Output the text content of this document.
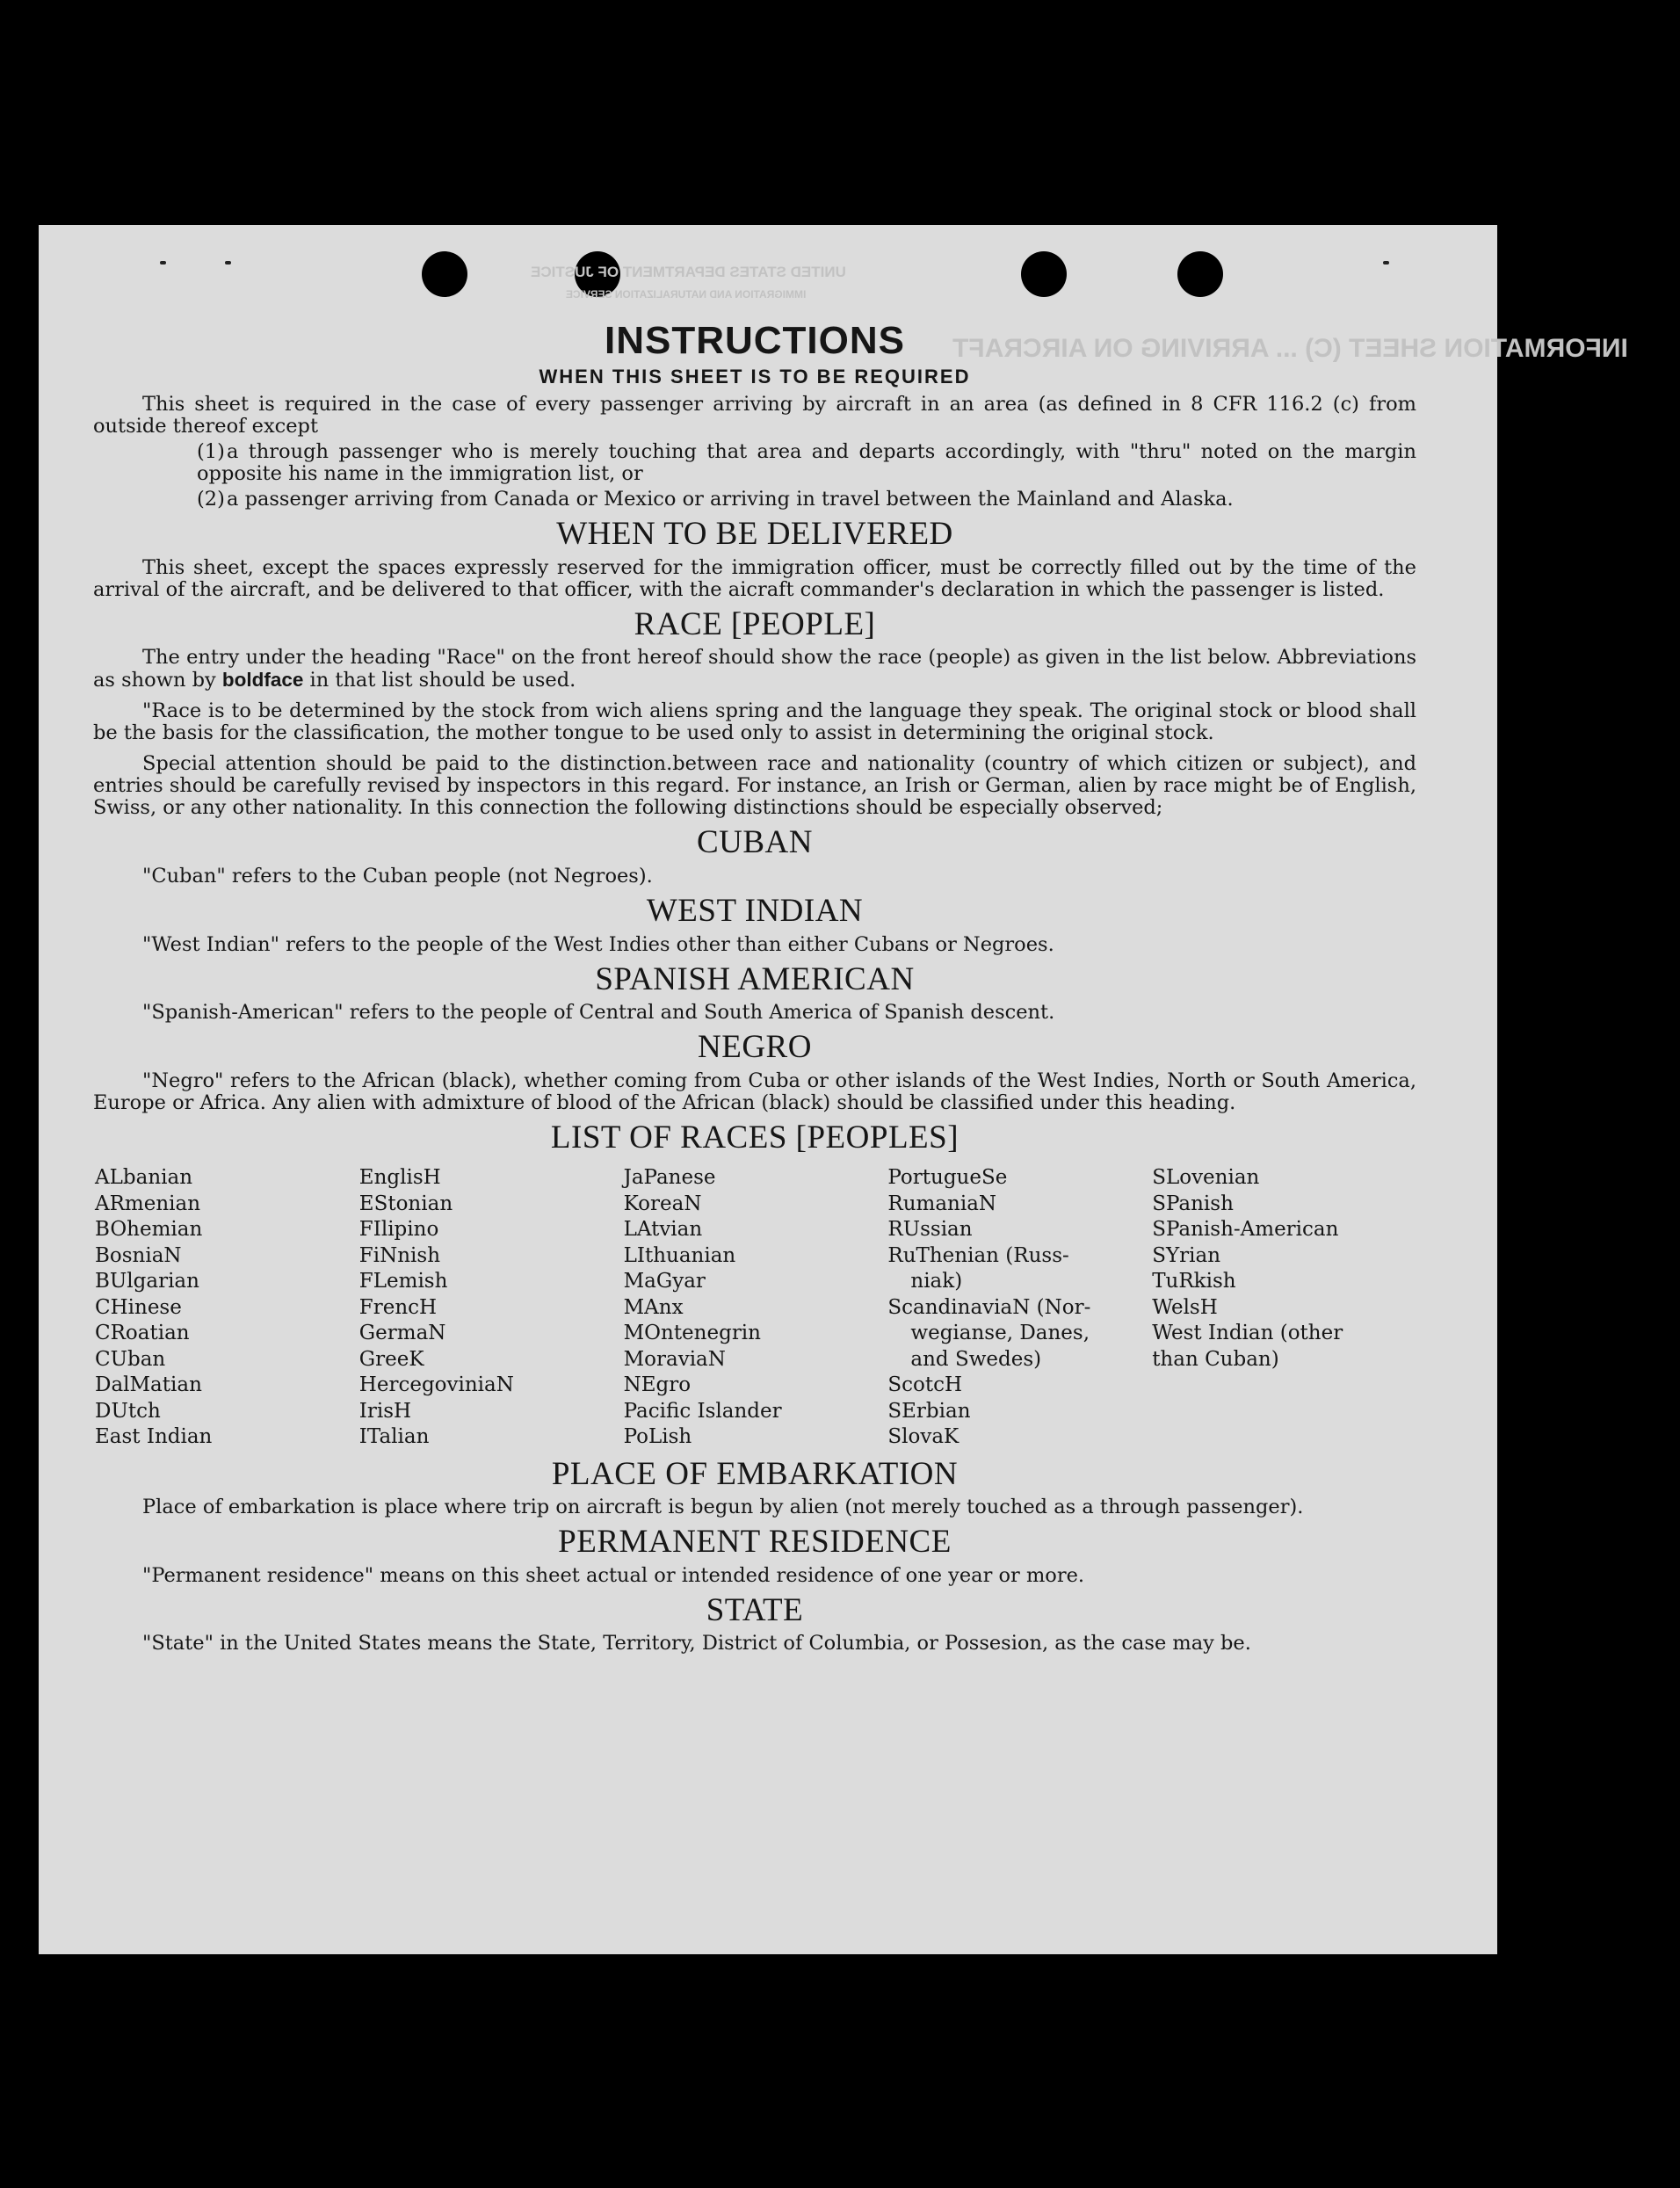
UNITED STATES DEPARTMENT OF JUSTICE
IMMIGRATION AND NATURALIZATION SERVICE
INFORMATION SHEET (C) ... ARRIVING ON AIRCRAFT
INSTRUCTIONS
WHEN THIS SHEET IS TO BE REQUIRED

This sheet is required in the case of every passenger arriving by aircraft in an area (as defined in 8 CFR 116.2 (c) from outside thereof except

(1)a through passenger who is merely touching that area and departs accordingly, with "thru" noted on the margin opposite his name in the immigration list, or

(2)a passenger arriving from Canada or Mexico or arriving in travel between the Mainland and Alaska.

WHEN TO BE DELIVERED

This sheet, except the spaces expressly reserved for the immigration officer, must be correctly filled out by the time of the arrival of the aircraft, and be delivered to that officer, with the aicraft commander's declaration in which the passenger is listed.

RACE [PEOPLE]

The entry under the heading "Race" on the front hereof should show the race (people) as given in the list below. Abbreviations as shown by boldface in that list should be used.

"Race is to be determined by the stock from wich aliens spring and the language they speak. The original stock or blood shall be the basis for the classification, the mother tongue to be used only to assist in determining the original stock.

Special attention should be paid to the distinction.between race and nationality (country of which citizen or subject), and entries should be carefully revised by inspectors in this regard. For instance, an Irish or German, alien by race might be of English, Swiss, or any other nationality. In this connection the following distinctions should be especially observed;

CUBAN

"Cuban" refers to the Cuban people (not Negroes).

WEST INDIAN

"West Indian" refers to the people of the West Indies other than either Cubans or Negroes.

SPANISH AMERICAN

"Spanish-American" refers to the people of Central and South America of Spanish descent.

NEGRO

"Negro" refers to the African (black), whether coming from Cuba or other islands of the West Indies, North or South America, Europe or Africa. Any alien with admixture of blood of the African (black) should be classified under this heading.

LIST OF RACES [PEOPLES]
ALbanian
ARmenian
BOhemian
BosniaN
BUlgarian
CHinese
CRoatian
CUban
DalMatian
DUtch
East Indian
EnglisH
EStonian
FIlipino
FiNnish
FLemish
FrencH
GermaN
GreeK
HercegovinіaN
IrisH
ITalian
JaPanese
KoreaN
LAtvian
LIthuanian
MaGyar
MAnx
MOntenegrin
MoraviaN
NEgro
Pacific Islander
PoLish
PortugueSe
RumaniaN
RUssian
RuThenian (Russ-
niak)
ScandinaviaN (Nor-
wegianse, Danes,
and Swedes)
ScotcH
SErbian
SlovaK
SLovenian
SPanish
SPanish-American
SYrian
TuRkish
WelsH
West Indian (other
than Cuban)
PLACE OF EMBARKATION

Place of embarkation is place where trip on aircraft is begun by alien (not merely touched as a through passenger).

PERMANENT RESIDENCE

"Permanent residence" means on this sheet actual or intended residence of one year or more.

STATE

"State" in the United States means the State, Territory, District of Columbia, or Possesion, as the case may be.
